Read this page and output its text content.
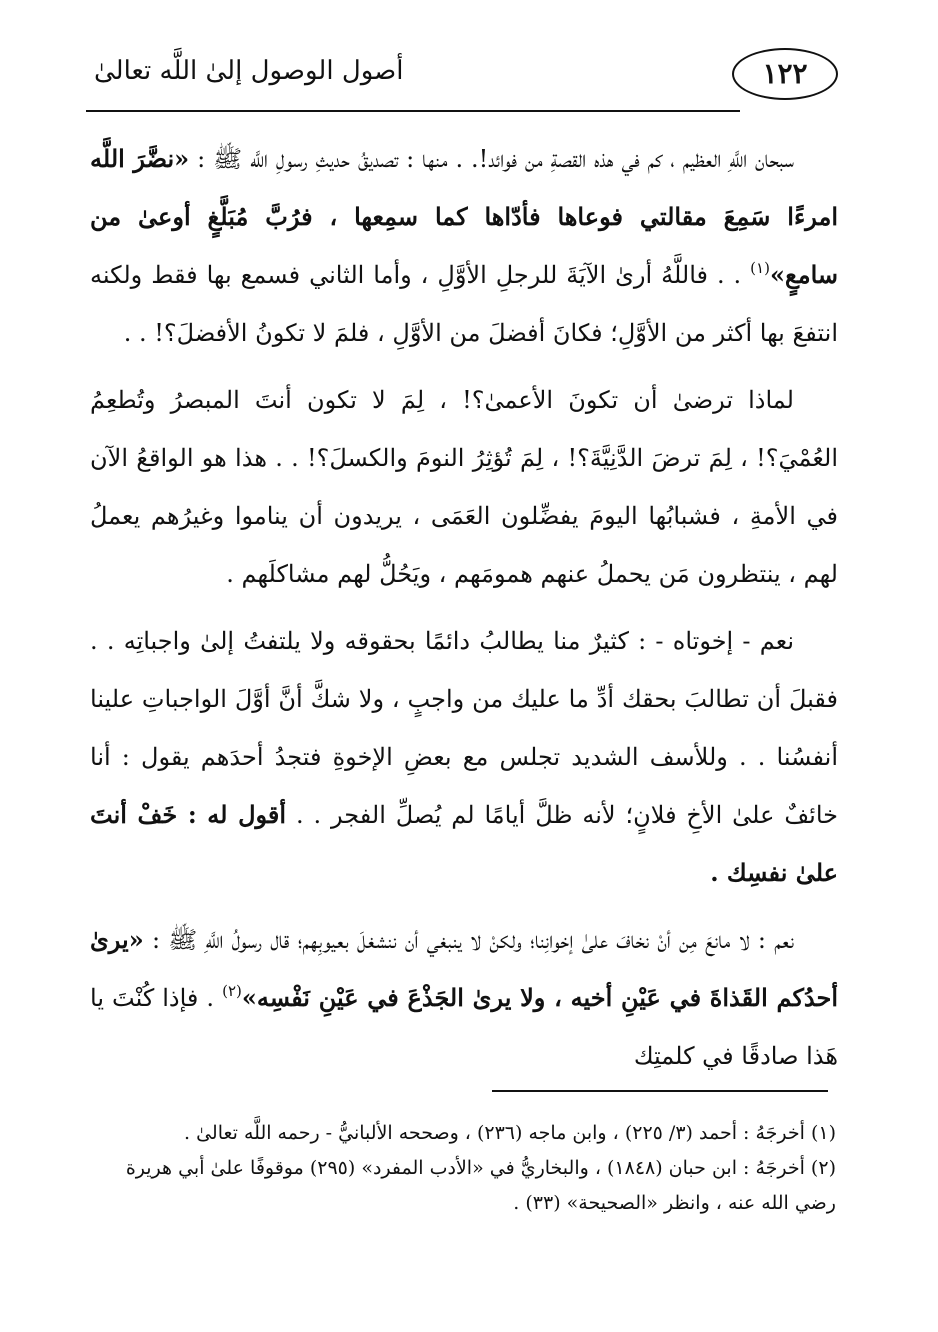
١٢٢
أصول الوصول إلىٰ اللَّه تعالىٰ

سبحان اللَّهِ العظيم ، كم في هذه القصةِ من فوائد!. . منها : تصديقُ حديثِ رسولِ اللَّه ﷺ : «نضَّرَ اللَّه امرءًا سَمِعَ مقالتي فوعاها فأدّاها كما سمِعها ، فرُبَّ مُبَلَّغٍ أوعىٰ من سامعٍ»$^{(١)}$ . . فاللَّهُ أرىٰ الآيَةَ للرجلِ الأوَّلِ ، وأما الثاني فسمع بها فقط ولكنه انتفعَ بها أكثر من الأوَّلِ؛ فكانَ أفضلَ من الأوَّلِ ، فلمَ لا تكونُ الأفضلَ؟! . .

لماذا ترضىٰ أن تكونَ الأعمىٰ؟! ، لِمَ لا تكون أنتَ المبصرُ وتُطعِمُ العُمْيَ؟! ، لِمَ ترضَ الدَّنِيَّةَ؟! ، لِمَ تُؤثِرُ النومَ والكسلَ؟! . . هذا هو الواقعُ الآن في الأمةِ ، فشبابُها اليومَ يفضِّلون العَمَى ، يريدون أن يناموا وغيرُهم يعملُ لهم ، ينتظرون مَن يحملُ عنهم همومَهم ، ويَحُلُّ لهم مشاكلَهم .

نعم - إخوتاه - : كثيرٌ منا يطالبُ دائمًا بحقوقه ولا يلتفتُ إلىٰ واجباتِه . . فقبلَ أن تطالبَ بحقك أدِّ ما عليك من واجبٍ ، ولا شكَّ أنَّ أوَّلَ الواجباتِ علينا أنفسُنا . . وللأسف الشديد تجلس مع بعضِ الإخوةِ فتجدُ أحدَهم يقول : أنا خائفٌ علىٰ الأخِ فلانٍ؛ لأنه ظلَّ أيامًا لم يُصلِّ الفجر . . أقول له : خَفْ أنتَ علىٰ نفسِك .

نعم : لا مانعَ مِن أنْ نخافَ علىٰ إخوانِنا؛ ولكنْ لا ينبغي أن ننشغلَ بعيوبِهم؛ قال رسولُ اللَّهِ ﷺ : «يرىٰ أحدُكم القَذاةَ في عَيْنِ أخيه ، ولا يرىٰ الجَذْعَ في عَيْنِ نَفْسِه»$^{(٢)}$ . فإذا كُنْتَ يا هَذا صادقًا في كلمتِك

(١) أخرجَهُ : أحمد (٣/ ٢٢٥) ، وابن ماجه (٢٣٦) ، وصححه الألبانيُّ - رحمه اللَّه تعالىٰ .

(٢) أخرجَهُ : ابن حبان (١٨٤٨) ، والبخاريُّ في «الأدب المفرد» (٢٩٥) موقوفًا علىٰ أبي هريرة رضي الله عنه ، وانظر «الصحيحة» (٣٣) .
